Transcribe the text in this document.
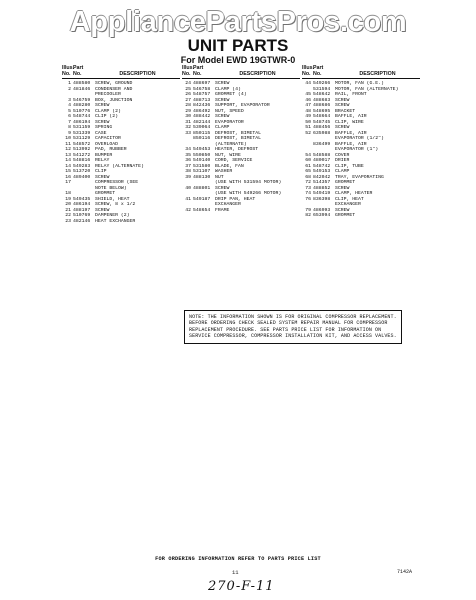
AppliancePartsPros.com
UNIT PARTS
For Model EWD 19GTWR-0
Illus.
Part
No. No.	DESCRIPTION
1 488580 SCREW, GROUND
2 481846 CONDENSER AND
PRECOOLER
3 546759 BOX, JUNCTION
4 488280 SCREW
5 510776 CLAMP (2)
6 548744 CLIP (2)
7 486194 SCREW
8 531159 SPRING
9 531339 CASE
10 531129 CAPACITOR
11 548572 OVERLOAD
12 513992 PAD, RUBBER
13 541272 BUMPER
14 548816 RELAY
14 549283 RELAY (ALTERNATE)
15 513720 CLIP
16 489400 SCREW
17	COMPRESSOR (SEE
NOTE BELOW)
18	GROMMET
19 549435 SHIELD, HEAT
20 486194 SCREW, 8 x 1/2
21 488197 SCREW
22 510769 DAMPENER (2)
23 482146 HEAT EXCHANGER
Illus.
Part
No. No.	DESCRIPTION
24 488697 SCREW
25 546758 CLAMP (4)
26 548757 GROMMET (4)
27 488713 SCREW
28 842436 SUPPORT, EVAPORATOR
29 486492 NUT, SPEED
30 488442 SCREW
31 482144 EVAPORATOR
32 539064 CLAMP
33 850115 DEFROST, BIMETAL
850116 DEFROST, BIMETAL
(ALTERNATE)
34 549453 HEATER, DEFROST
35 550850 NUT, WIRE
36 549140 CORD, SERVICE
37 531580 BLADE, FAN
38 531107 WASHER
39 488130 NUT
(USE WITH 531594 MOTOR)
40 488801 SCREW
(USE WITH 549266 MOTOR)
41 549187 DRIP PAN, HEAT
EXCHANGER
42 548654 FRAME
Illus.
Part
No. No.	DESCRIPTION
44 549266 MOTOR, FAN (G.E.)
531594 MOTOR, FAN (ALTERNATE)
45 548642 RAIL, FRONT
46 488683 SCREW
47 488686 SCREW
48 548695 BRACKET
49 548664 BAFFLE, AIR
50 548745 CLIP, WIRE
51 488456 SCREW
52 635988 BAFFLE, AIR
EVAPORATOR (1/2")
836499 BAFFLE, AIR
EVAPORATOR (1")
54 548588 COVER
60 480017 DRIER
61 548742 CLIP, TUBE
65 549153 CLAMP
68 842042 TRAY, EVAPORATING
72 514357 GROMMET
73 488852 SCREW
74 549419 CLAMP, HEATER
76 836398 CLIP, HEAT
EXCHANGER
79 486993 SCREW
82 653994 GROMMET
NOTE: THE INFORMATION SHOWN IS FOR ORIGINAL COMPRESSOR REPLACEMENT. BEFORE ORDERING CHECK SEALED SYSTEM REPAIR MANUAL FOR COMPRESSOR REPLACEMENT PROCEDURE. SEE PARTS PRICE LIST FOR INFORMATION ON SERVICE COMPRESSOR, COMPRESSOR INSTALLATION KIT, AND ACCESS VALVES.
FOR ORDERING INFORMATION REFER TO PARTS PRICE LIST
11	7142A
270-F-11
